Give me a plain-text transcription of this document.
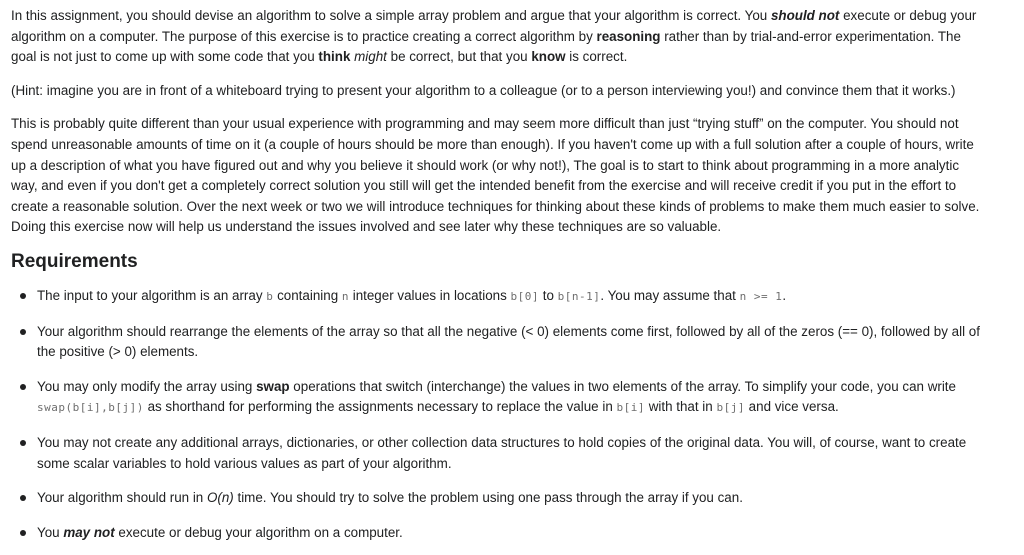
In this assignment, you should devise an algorithm to solve a simple array problem and argue that your algorithm is correct. You should not execute or debug your algorithm on a computer. The purpose of this exercise is to practice creating a correct algorithm by reasoning rather than by trial-and-error experimentation. The goal is not just to come up with some code that you think might be correct, but that you know is correct.

(Hint: imagine you are in front of a whiteboard trying to present your algorithm to a colleague (or to a person interviewing you!) and convince them that it works.)

This is probably quite different than your usual experience with programming and may seem more difficult than just “trying stuff” on the computer. You should not spend unreasonable amounts of time on it (a couple of hours should be more than enough). If you haven't come up with a full solution after a couple of hours, write up a description of what you have figured out and why you believe it should work (or why not!), The goal is to start to think about programming in a more analytic way, and even if you don't get a completely correct solution you still will get the intended benefit from the exercise and will receive credit if you put in the effort to create a reasonable solution. Over the next week or two we will introduce techniques for thinking about these kinds of problems to make them much easier to solve. Doing this exercise now will help us understand the issues involved and see later why these techniques are so valuable.

Requirements
The input to your algorithm is an array b containing n integer values in locations b[0] to b[n-1]. You may assume that n >= 1.
Your algorithm should rearrange the elements of the array so that all the negative (< 0) elements come first, followed by all of the zeros (== 0), followed by all of the positive (> 0) elements.
You may only modify the array using swap operations that switch (interchange) the values in two elements of the array. To simplify your code, you can write swap(b[i],b[j]) as shorthand for performing the assignments necessary to replace the value in b[i] with that in b[j] and vice versa.
You may not create any additional arrays, dictionaries, or other collection data structures to hold copies of the original data. You will, of course, want to create some scalar variables to hold various values as part of your algorithm.
Your algorithm should run in O(n) time. You should try to solve the problem using one pass through the array if you can.
You may not execute or debug your algorithm on a computer.
